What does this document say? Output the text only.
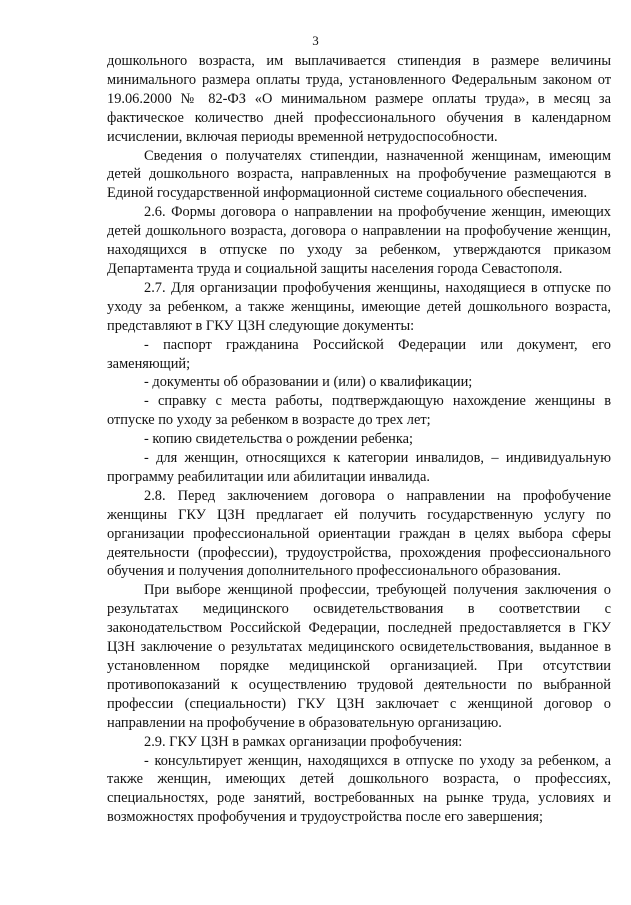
3

дошкольного возраста, им выплачивается стипендия в размере величины минимального размера оплаты труда, установленного Федеральным законом от 19.06.2000 № 82-ФЗ «О минимальном размере оплаты труда», в месяц за фактическое количество дней профессионального обучения в календарном исчислении, включая периоды временной нетрудоспособности.

Сведения о получателях стипендии, назначенной женщинам, имеющим детей дошкольного возраста, направленных на профобучение размещаются в Единой государственной информационной системе социального обеспечения.

2.6. Формы договора о направлении на профобучение женщин, имеющих детей дошкольного возраста, договора о направлении на профобучение женщин, находящихся в отпуске по уходу за ребенком, утверждаются приказом Департамента труда и социальной защиты населения города Севастополя.

2.7. Для организации профобучения женщины, находящиеся в отпуске по уходу за ребенком, а также женщины, имеющие детей дошкольного возраста, представляют в ГКУ ЦЗН следующие документы:

- паспорт гражданина Российской Федерации или документ, его заменяющий;

- документы об образовании и (или) о квалификации;

- справку с места работы, подтверждающую нахождение женщины в отпуске по уходу за ребенком в возрасте до трех лет;

- копию свидетельства о рождении ребенка;

- для женщин, относящихся к категории инвалидов, – индивидуальную программу реабилитации или абилитации инвалида.

2.8. Перед заключением договора о направлении на профобучение женщины ГКУ ЦЗН предлагает ей получить государственную услугу по организации профессиональной ориентации граждан в целях выбора сферы деятельности (профессии), трудоустройства, прохождения профессионального обучения и получения дополнительного профессионального образования.

При выборе женщиной профессии, требующей получения заключения о результатах медицинского освидетельствования в соответствии с законодательством Российской Федерации, последней предоставляется в ГКУ ЦЗН заключение о результатах медицинского освидетельствования, выданное в установленном порядке медицинской организацией. При отсутствии противопоказаний к осуществлению трудовой деятельности по выбранной профессии (специальности) ГКУ ЦЗН заключает с женщиной договор о направлении на профобучение в образовательную организацию.

2.9. ГКУ ЦЗН в рамках организации профобучения:

- консультирует женщин, находящихся в отпуске по уходу за ребенком, а также женщин, имеющих детей дошкольного возраста, о профессиях, специальностях, роде занятий, востребованных на рынке труда, условиях и возможностях профобучения и трудоустройства после его завершения;
